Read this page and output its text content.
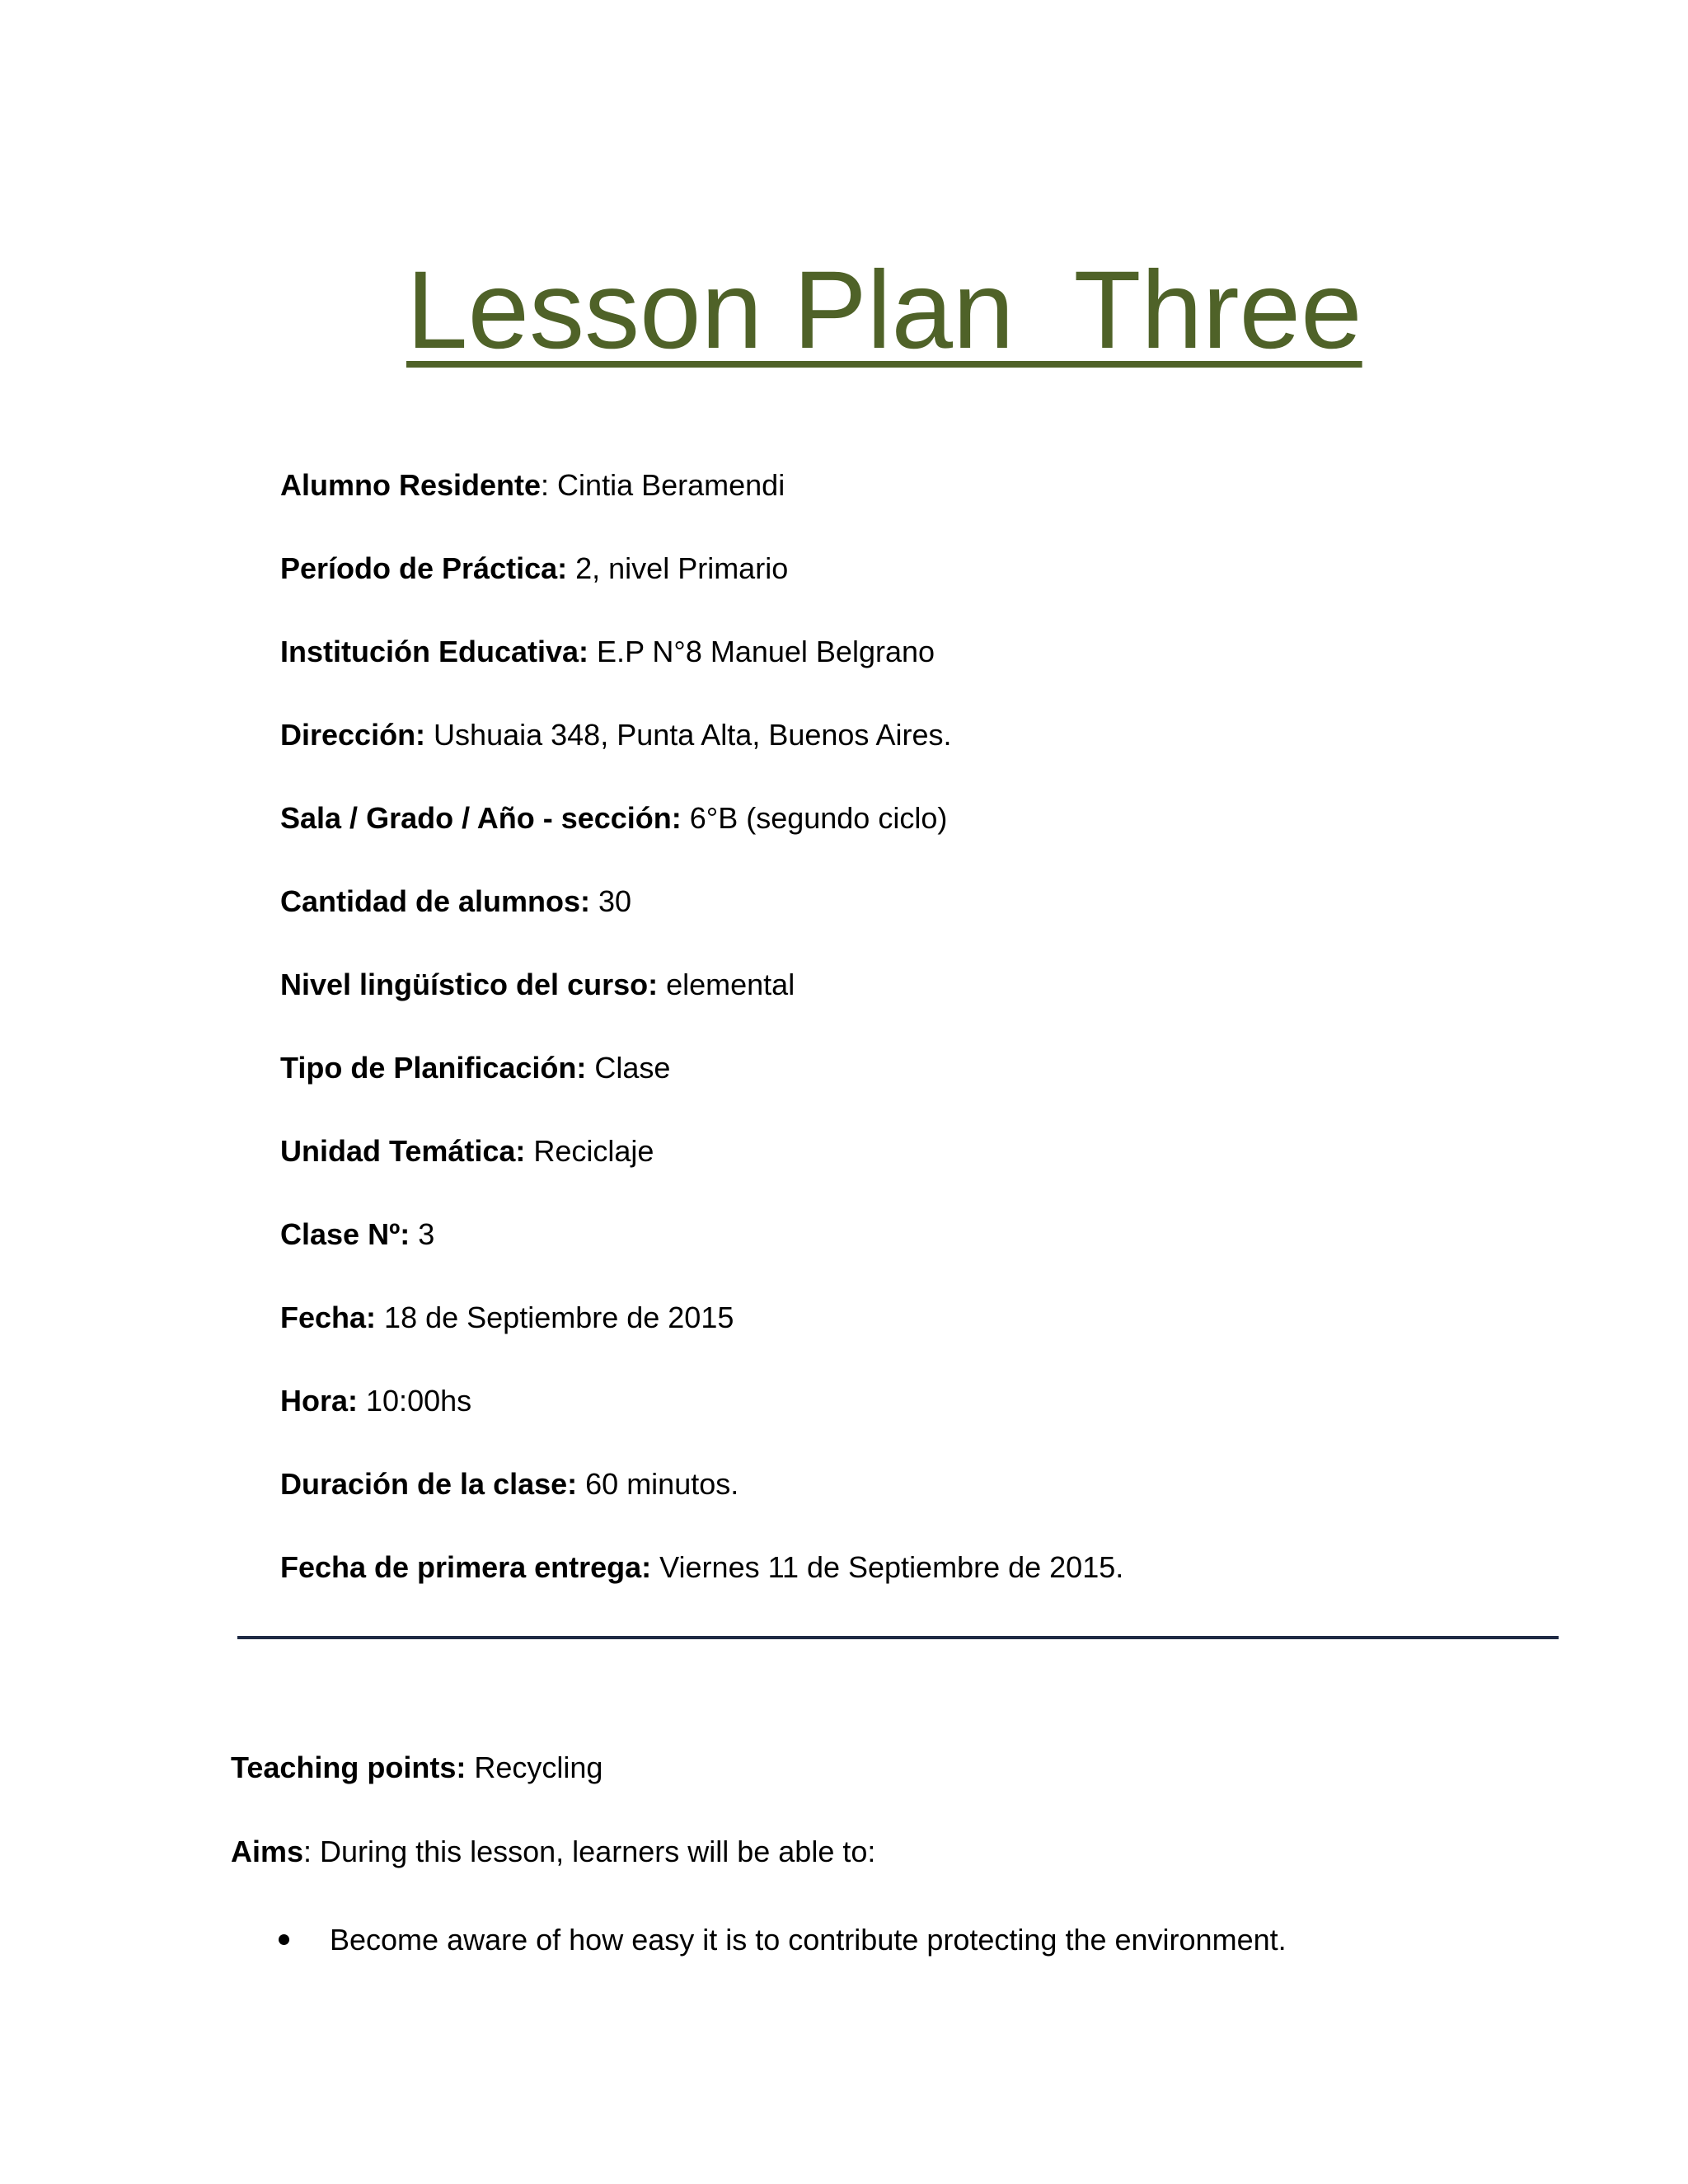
Lesson Plan  Three
Alumno Residente: Cintia Beramendi
Período de Práctica: 2, nivel Primario
Institución Educativa: E.P N°8 Manuel Belgrano
Dirección: Ushuaia 348, Punta Alta, Buenos Aires.
Sala / Grado / Año - sección: 6°B (segundo ciclo)
Cantidad de alumnos: 30
Nivel lingüístico del curso: elemental
Tipo de Planificación: Clase
Unidad Temática: Reciclaje
Clase Nº: 3
Fecha: 18 de Septiembre de 2015
Hora: 10:00hs
Duración de la clase: 60 minutos.
Fecha de primera entrega: Viernes 11 de Septiembre de 2015.

Teaching points: Recycling

Aims: During this lesson, learners will be able to:

Become aware of how easy it is to contribute protecting the environment.
